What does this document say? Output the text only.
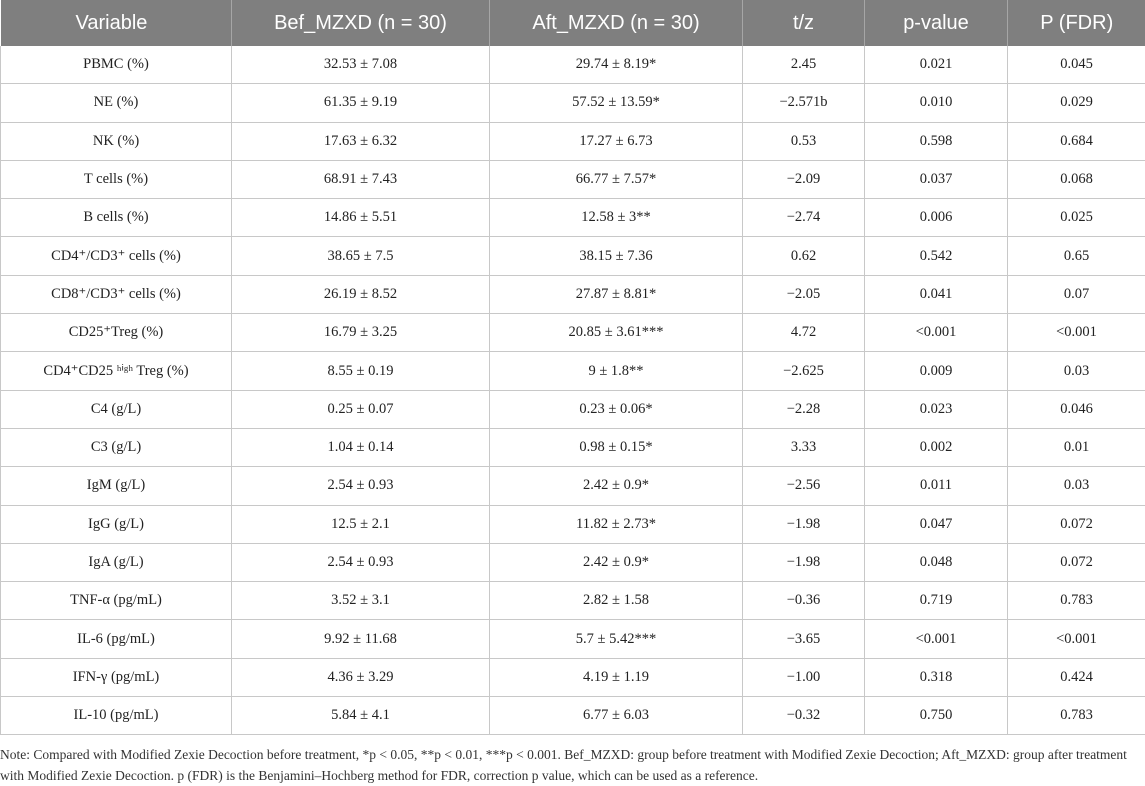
Variable	Bef_MZXD (n = 30)	Aft_MZXD (n = 30)	t/z	p-value	P (FDR)
PBMC (%)	32.53 ± 7.08	29.74 ± 8.19*	2.45	0.021	0.045
NE (%)	61.35 ± 9.19	57.52 ± 13.59*	−2.571b	0.010	0.029
NK (%)	17.63 ± 6.32	17.27 ± 6.73	0.53	0.598	0.684
T cells (%)	68.91 ± 7.43	66.77 ± 7.57*	−2.09	0.037	0.068
B cells (%)	14.86 ± 5.51	12.58 ± 3**	−2.74	0.006	0.025
CD4⁺/CD3⁺ cells (%)	38.65 ± 7.5	38.15 ± 7.36	0.62	0.542	0.65
CD8⁺/CD3⁺ cells (%)	26.19 ± 8.52	27.87 ± 8.81*	−2.05	0.041	0.07
CD25⁺Treg (%)	16.79 ± 3.25	20.85 ± 3.61***	4.72	<0.001	<0.001
CD4⁺CD25 ʰⁱᵍʰ Treg (%)	8.55 ± 0.19	9 ± 1.8**	−2.625	0.009	0.03
C4 (g/L)	0.25 ± 0.07	0.23 ± 0.06*	−2.28	0.023	0.046
C3 (g/L)	1.04 ± 0.14	0.98 ± 0.15*	3.33	0.002	0.01
IgM (g/L)	2.54 ± 0.93	2.42 ± 0.9*	−2.56	0.011	0.03
IgG (g/L)	12.5 ± 2.1	11.82 ± 2.73*	−1.98	0.047	0.072
IgA (g/L)	2.54 ± 0.93	2.42 ± 0.9*	−1.98	0.048	0.072
TNF-α (pg/mL)	3.52 ± 3.1	2.82 ± 1.58	−0.36	0.719	0.783
IL-6 (pg/mL)	9.92 ± 11.68	5.7 ± 5.42***	−3.65	<0.001	<0.001
IFN-γ (pg/mL)	4.36 ± 3.29	4.19 ± 1.19	−1.00	0.318	0.424
IL-10 (pg/mL)	5.84 ± 4.1	6.77 ± 6.03	−0.32	0.750	0.783
Note: Compared with Modified Zexie Decoction before treatment, *p < 0.05, **p < 0.01, ***p < 0.001. Bef_MZXD: group before treatment with Modified Zexie Decoction; Aft_MZXD: group after treatment with Modified Zexie Decoction. p (FDR) is the Benjamini–Hochberg method for FDR, correction p value, which can be used as a reference.
